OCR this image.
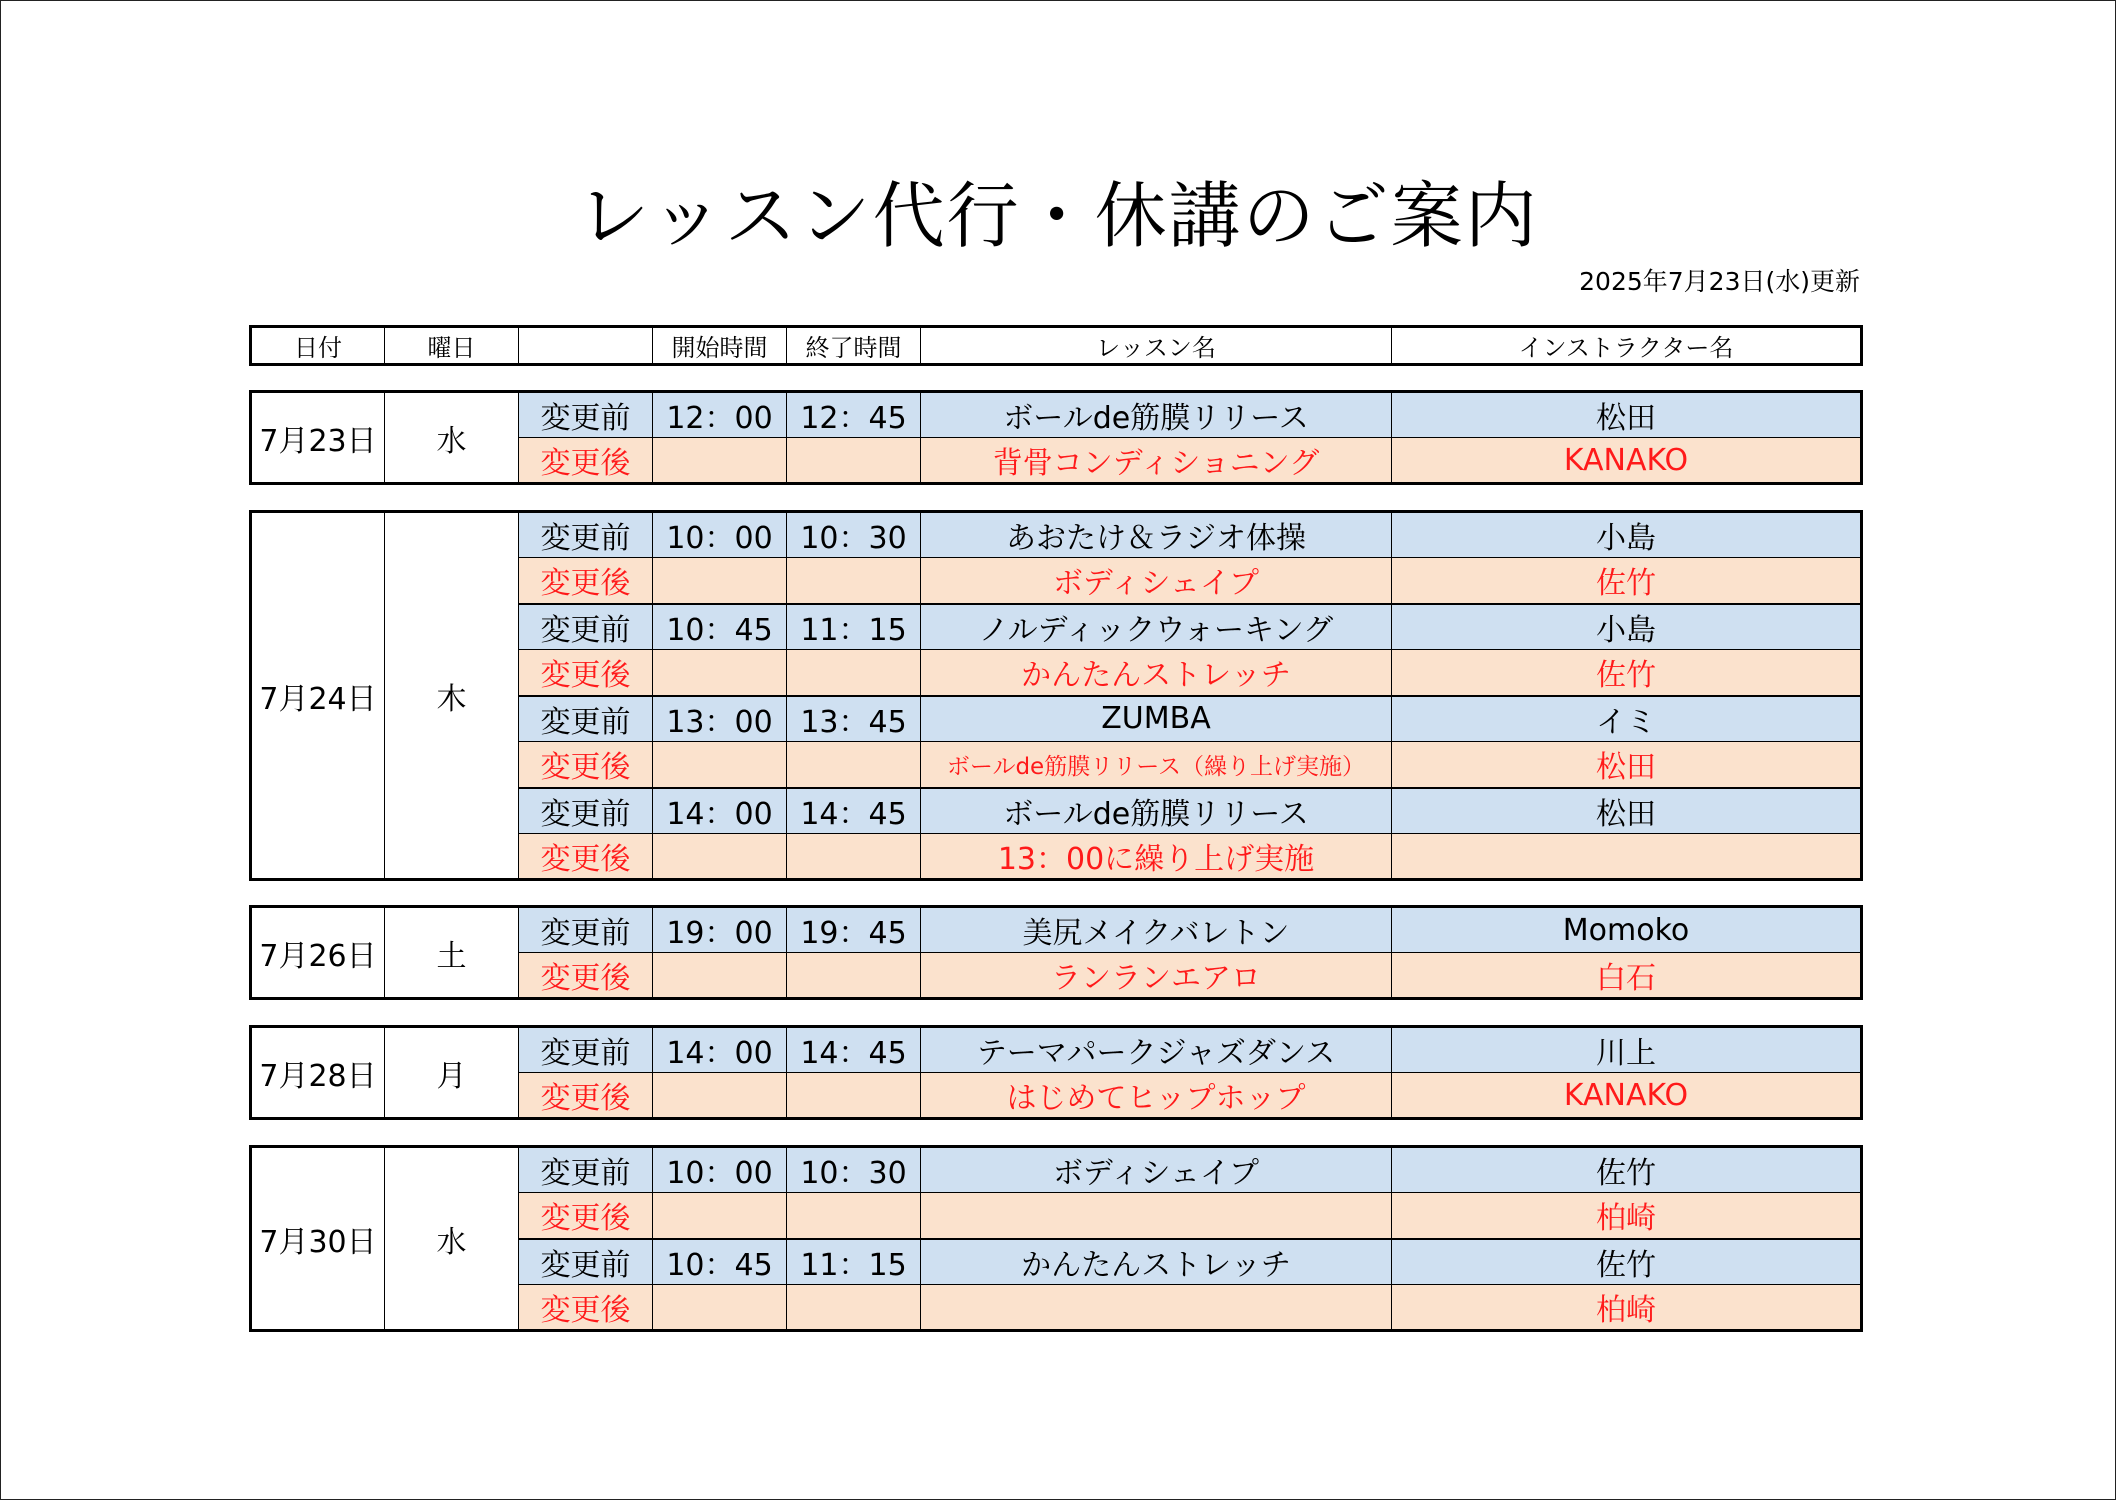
レッスン代行・休講のご案内
2025年7月23日(水)更新
日付	曜日		開始時間	終了時間	レッスン名	インストラクター名
7月23日	水	変更前	12：00	12：45	ボールde筋膜リリース	松田
		変更後			背骨コンディショニング	KANAKO
7月24日	木	変更前	10：00	10：30	あおたけ＆ラジオ体操	小島
		変更後			ボディシェイプ	佐竹
		変更前	10：45	11：15	ノルディックウォーキング	小島
		変更後			かんたんストレッチ	佐竹
		変更前	13：00	13：45	ZUMBA	イミ
		変更後			ボールde筋膜リリース（繰り上げ実施）	松田
		変更前	14：00	14：45	ボールde筋膜リリース	松田
		変更後			13：00に繰り上げ実施	
7月26日	土	変更前	19：00	19：45	美尻メイクバレトン	Momoko
		変更後			ランランエアロ	白石
7月28日	月	変更前	14：00	14：45	テーマパークジャズダンス	川上
		変更後			はじめてヒップホップ	KANAKO
7月30日	水	変更前	10：00	10：30	ボディシェイプ	佐竹
		変更後				柏崎
		変更前	10：45	11：15	かんたんストレッチ	佐竹
		変更後				柏崎
